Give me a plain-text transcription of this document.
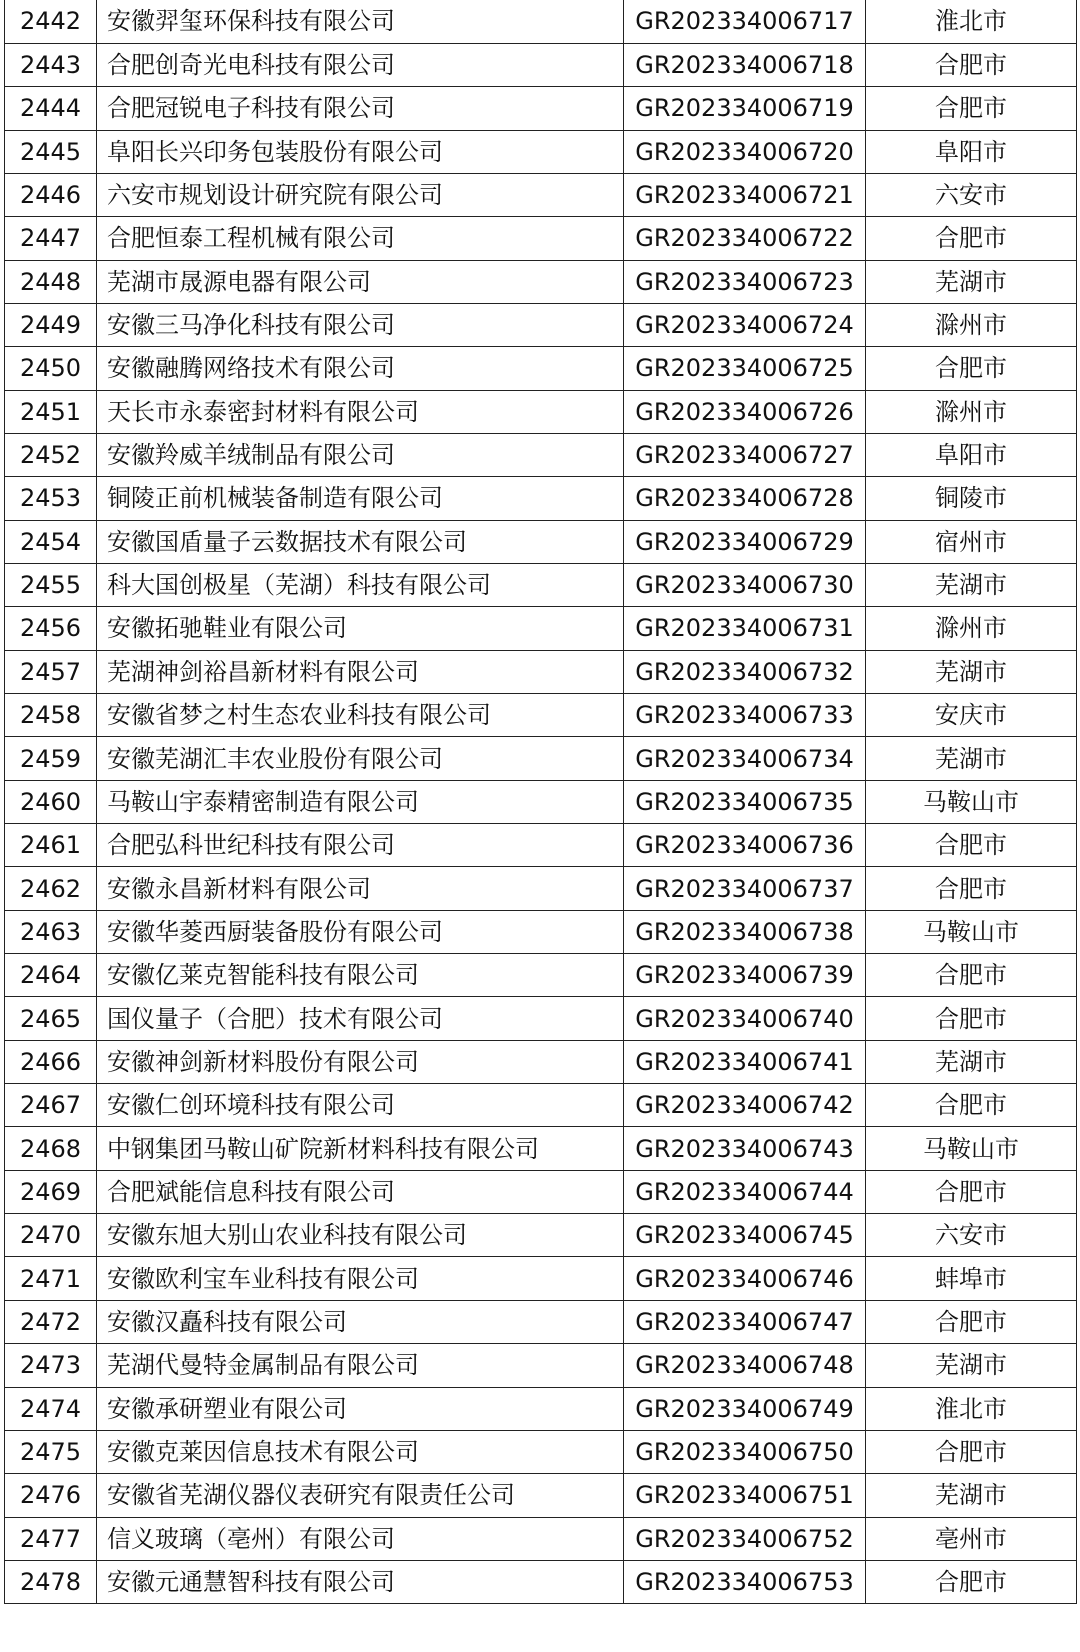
2442	安徽羿玺环保科技有限公司	GR202334006717	淮北市
2443	合肥创奇光电科技有限公司	GR202334006718	合肥市
2444	合肥冠锐电子科技有限公司	GR202334006719	合肥市
2445	阜阳长兴印务包装股份有限公司	GR202334006720	阜阳市
2446	六安市规划设计研究院有限公司	GR202334006721	六安市
2447	合肥恒泰工程机械有限公司	GR202334006722	合肥市
2448	芜湖市晟源电器有限公司	GR202334006723	芜湖市
2449	安徽三马净化科技有限公司	GR202334006724	滁州市
2450	安徽融腾网络技术有限公司	GR202334006725	合肥市
2451	天长市永泰密封材料有限公司	GR202334006726	滁州市
2452	安徽羚威羊绒制品有限公司	GR202334006727	阜阳市
2453	铜陵正前机械装备制造有限公司	GR202334006728	铜陵市
2454	安徽国盾量子云数据技术有限公司	GR202334006729	宿州市
2455	科大国创极星（芜湖）科技有限公司	GR202334006730	芜湖市
2456	安徽拓驰鞋业有限公司	GR202334006731	滁州市
2457	芜湖神剑裕昌新材料有限公司	GR202334006732	芜湖市
2458	安徽省梦之村生态农业科技有限公司	GR202334006733	安庆市
2459	安徽芜湖汇丰农业股份有限公司	GR202334006734	芜湖市
2460	马鞍山宇泰精密制造有限公司	GR202334006735	马鞍山市
2461	合肥弘科世纪科技有限公司	GR202334006736	合肥市
2462	安徽永昌新材料有限公司	GR202334006737	合肥市
2463	安徽华菱西厨装备股份有限公司	GR202334006738	马鞍山市
2464	安徽亿莱克智能科技有限公司	GR202334006739	合肥市
2465	国仪量子（合肥）技术有限公司	GR202334006740	合肥市
2466	安徽神剑新材料股份有限公司	GR202334006741	芜湖市
2467	安徽仁创环境科技有限公司	GR202334006742	合肥市
2468	中钢集团马鞍山矿院新材料科技有限公司	GR202334006743	马鞍山市
2469	合肥斌能信息科技有限公司	GR202334006744	合肥市
2470	安徽东旭大别山农业科技有限公司	GR202334006745	六安市
2471	安徽欧利宝车业科技有限公司	GR202334006746	蚌埠市
2472	安徽汉矗科技有限公司	GR202334006747	合肥市
2473	芜湖代曼特金属制品有限公司	GR202334006748	芜湖市
2474	安徽承研塑业有限公司	GR202334006749	淮北市
2475	安徽克莱因信息技术有限公司	GR202334006750	合肥市
2476	安徽省芜湖仪器仪表研究有限责任公司	GR202334006751	芜湖市
2477	信义玻璃（亳州）有限公司	GR202334006752	亳州市
2478	安徽元通慧智科技有限公司	GR202334006753	合肥市
